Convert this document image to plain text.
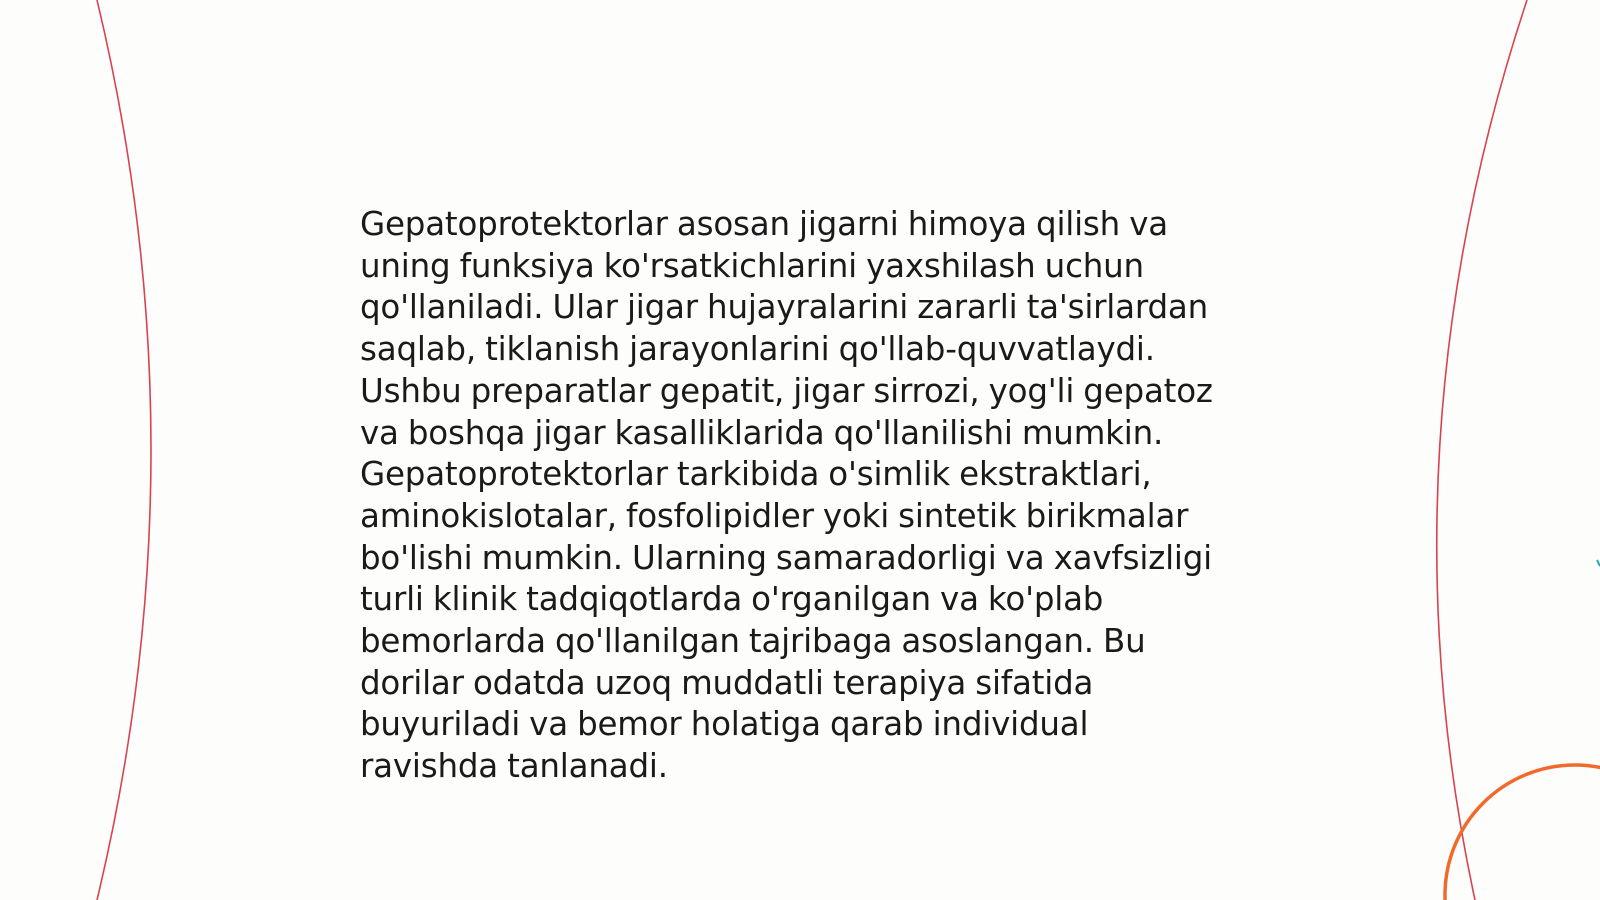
Gepatoprotektorlar asosan jigarni himoya qilish va
uning funksiya ko'rsatkichlarini yaxshilash uchun
qo'llaniladi. Ular jigar hujayralarini zararli ta'sirlardan
saqlab, tiklanish jarayonlarini qo'llab-quvvatlaydi.
Ushbu preparatlar gepatit, jigar sirrozi, yog'li gepatoz
va boshqa jigar kasalliklarida qo'llanilishi mumkin.
Gepatoprotektorlar tarkibida o'simlik ekstraktlari,
aminokislotalar, fosfolipidler yoki sintetik birikmalar
bo'lishi mumkin. Ularning samaradorligi va xavfsizligi
turli klinik tadqiqotlarda o'rganilgan va ko'plab
bemorlarda qo'llanilgan tajribaga asoslangan. Bu
dorilar odatda uzoq muddatli terapiya sifatida
buyuriladi va bemor holatiga qarab individual
ravishda tanlanadi.
